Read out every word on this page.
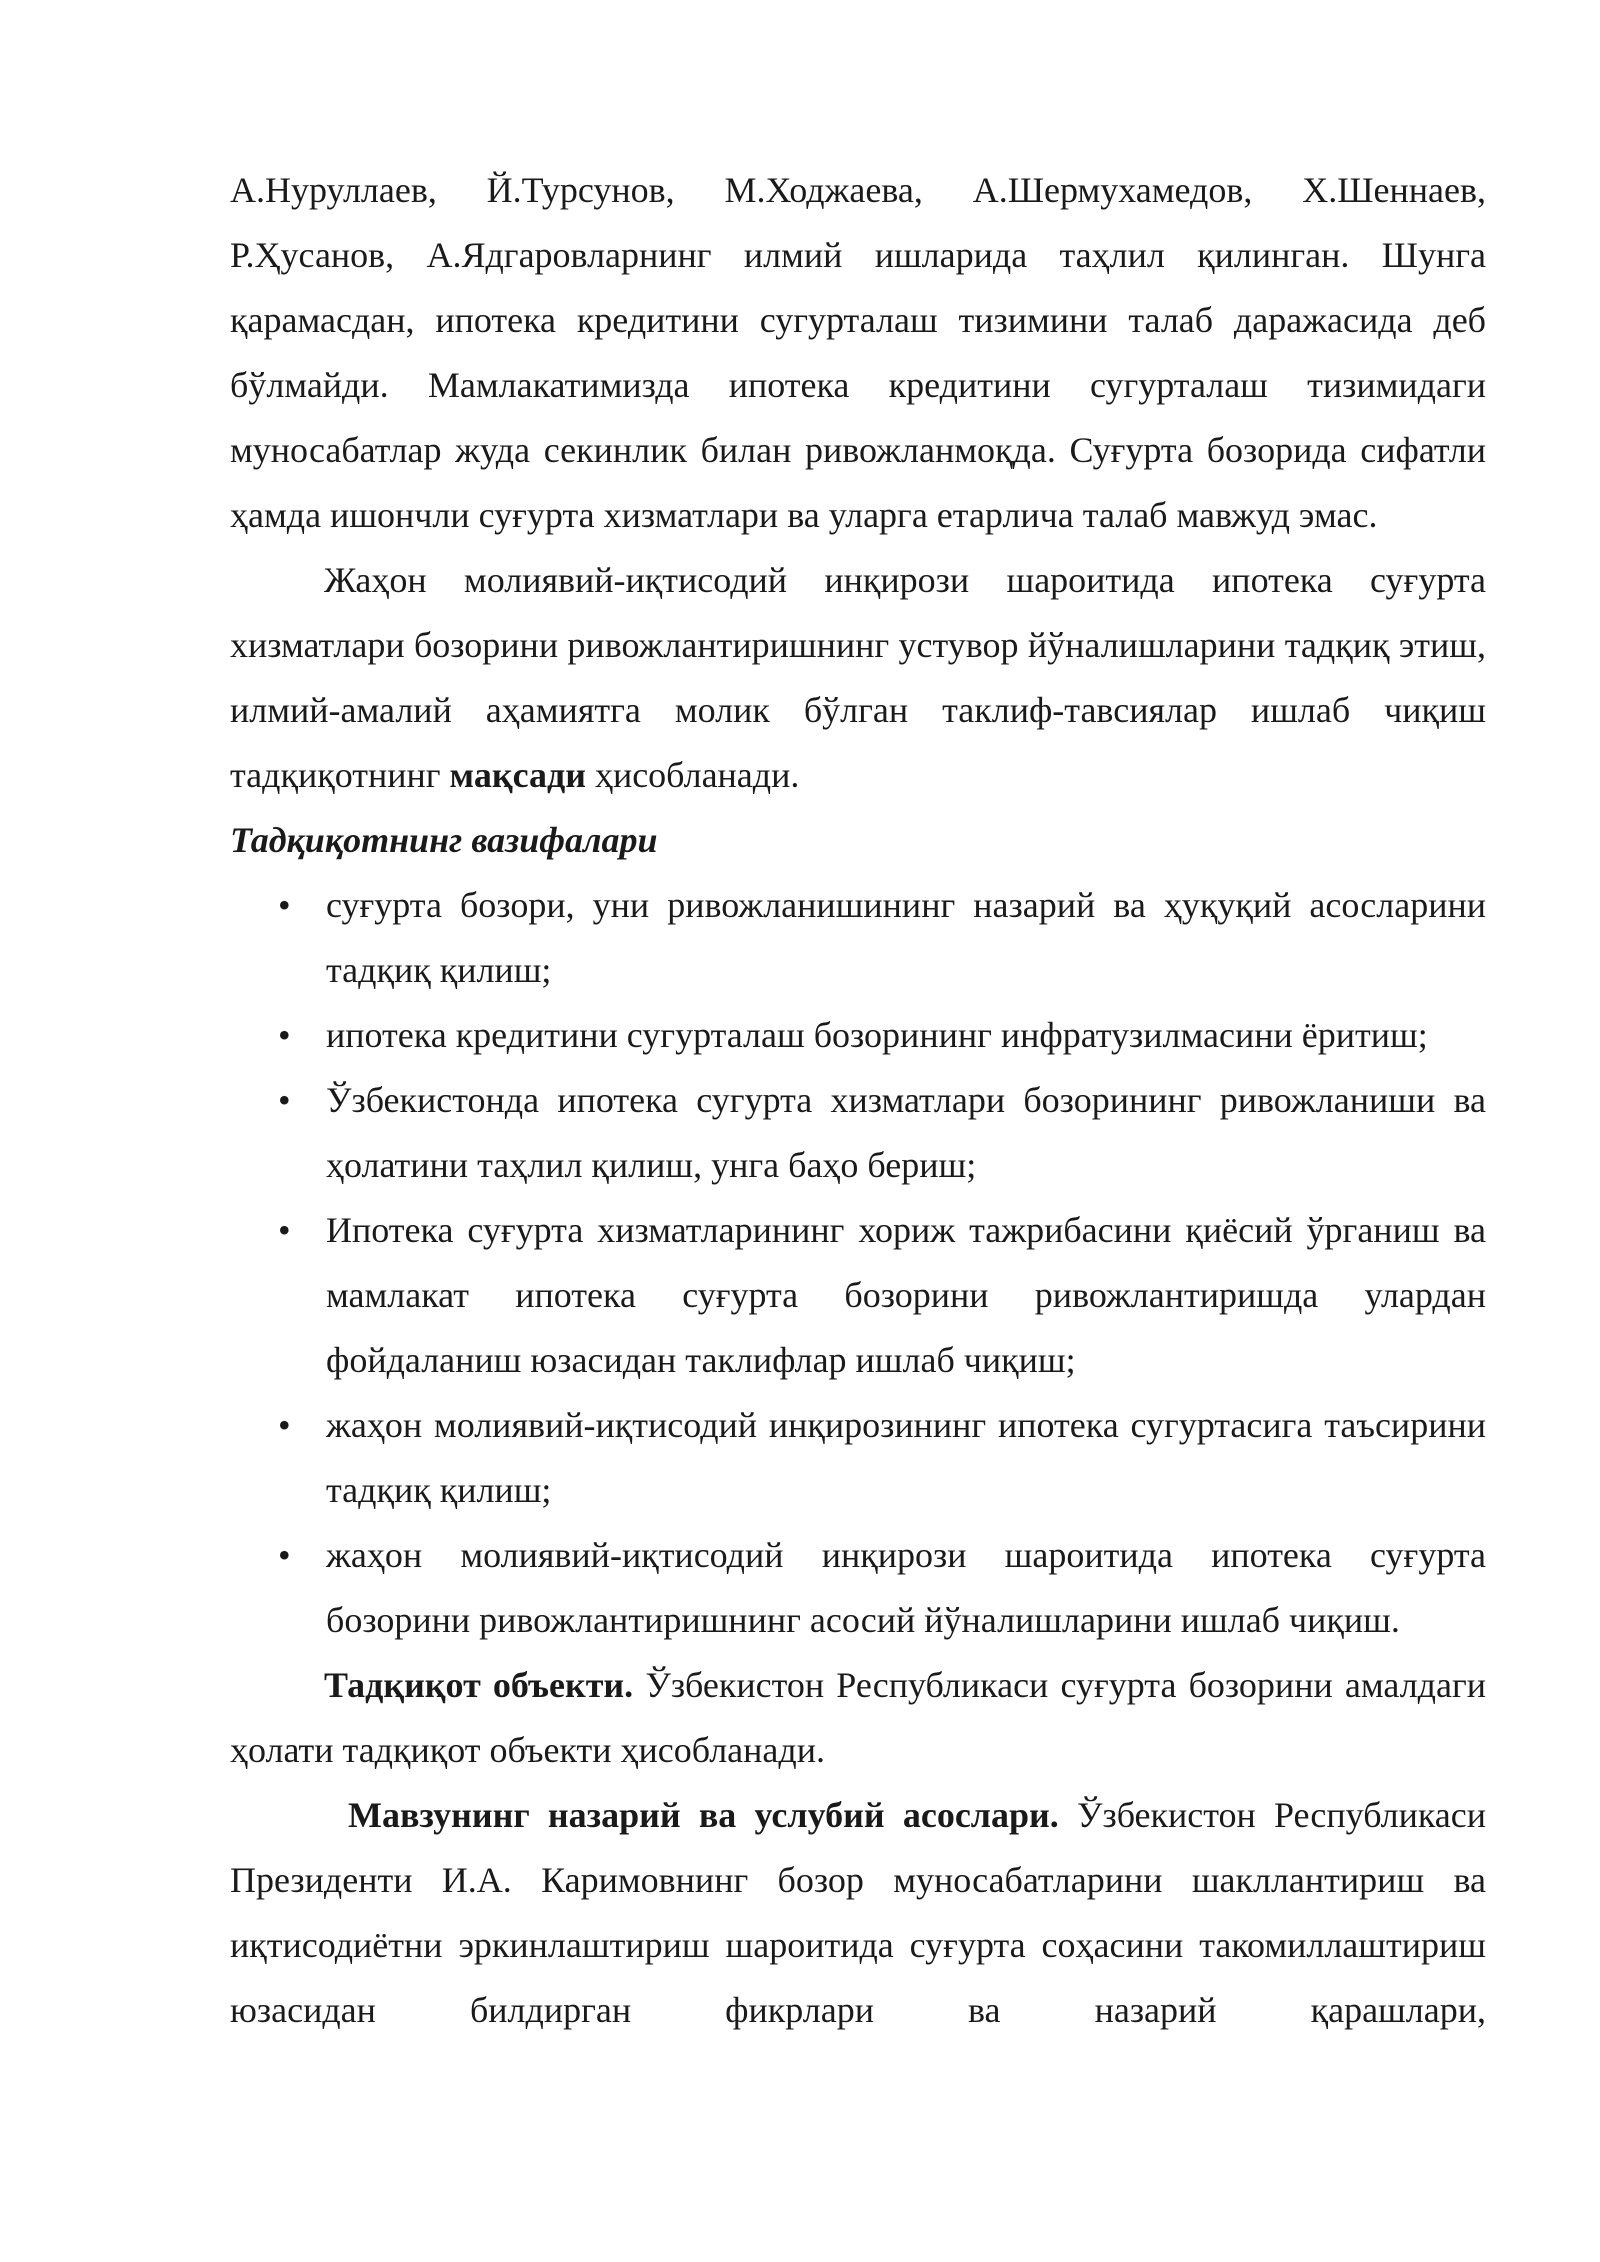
А.Нуруллаев, Й.Турсунов, М.Ходжаева, А.Шермухамедов, Х.Шеннаев, Р.Ҳусанов, А.Ядгаровларнинг илмий ишларида таҳлил қилинган. Шунга қарамасдан, ипотека кредитини сугурталаш тизимини талаб даражасида деб бўлмайди. Мамлакатимизда ипотека кредитини сугурталаш тизимидаги муносабатлар жуда секинлик билан ривожланмоқда. Суғурта бозорида сифатли ҳамда ишончли суғурта хизматлари ва уларга етарлича талаб мавжуд эмас.

Жаҳон молиявий-иқтисодий инқирози шароитида ипотека суғурта хизматлари бозорини ривожлантиришнинг устувор йўналишларини тадқиқ этиш, илмий-амалий аҳамиятга молик бўлган таклиф-тавсиялар ишлаб чиқиш тадқиқотнинг мақсади ҳисобланади.

Тадқиқотнинг вазифалари

• суғурта бозори, уни ривожланишининг назарий ва ҳуқуқий асосларини тадқиқ қилиш;
• ипотека кредитини сугурталаш бозорининг инфратузилмасини ёритиш;
• Ўзбекистонда ипотека сугурта хизматлари бозорининг ривожланиши ва ҳолатини таҳлил қилиш, унга баҳо бериш;
• Ипотека суғурта хизматларининг хориж тажрибасини қиёсий ўрганиш ва мамлакат ипотека суғурта бозорини ривожлантиришда улардан фойдаланиш юзасидан таклифлар ишлаб чиқиш;
• жаҳон молиявий-иқтисодий инқирозининг ипотека сугуртасига таъсирини тадқиқ қилиш;
• жаҳон молиявий-иқтисодий инқирози шароитида ипотека суғурта бозорини ривожлантиришнинг асосий йўналишларини ишлаб чиқиш.

Тадқиқот объекти. Ўзбекистон Республикаси суғурта бозорини амалдаги ҳолати тадқиқот объекти ҳисобланади.

Мавзунинг назарий ва услубий асослари. Ўзбекистон Республикаси Президенти И.А. Каримовнинг бозор муносабатларини шакллантириш ва иқтисодиётни эркинлаштириш шароитида суғурта соҳасини такомиллаштириш юзасидан билдирган фикрлари ва назарий қарашлари,
